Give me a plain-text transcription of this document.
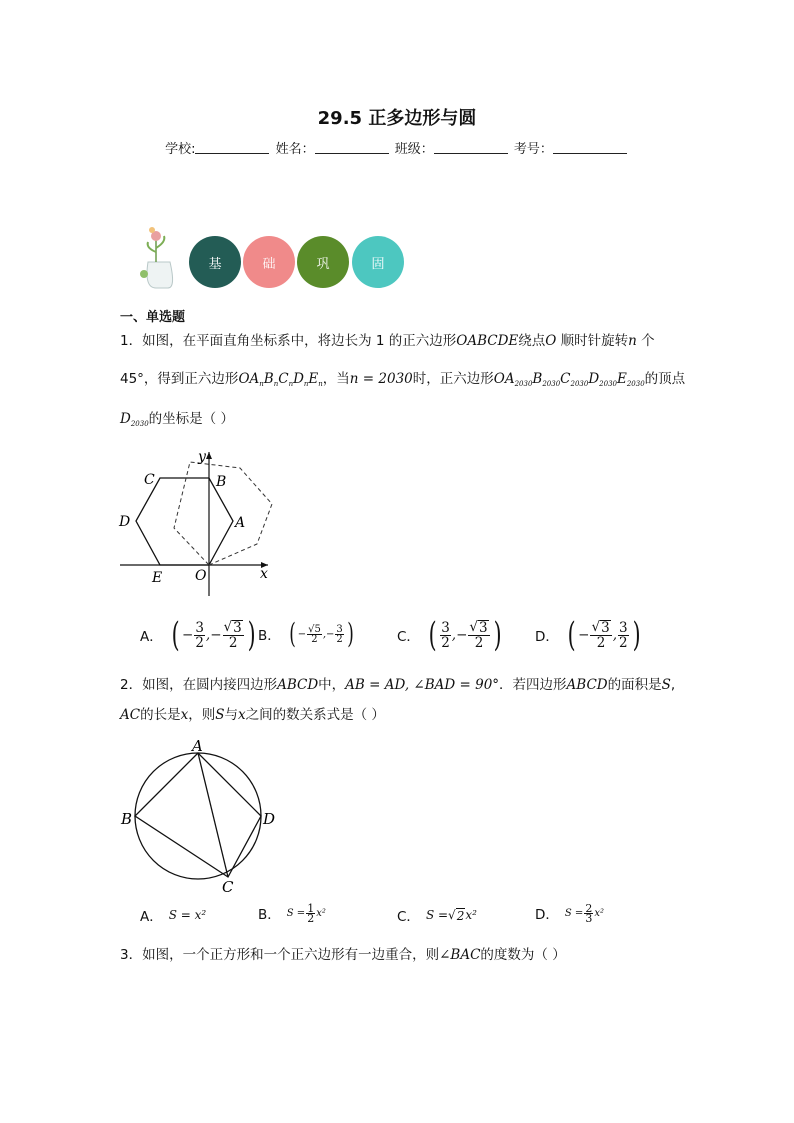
29.5 正多边形与圆
学校:	姓名：	班级：	考号：
基	础	巩	固
一、单选题
1．如图，在平面直角坐标系中，将边长为 1 的正六边形OABCDE绕点O 顺时针旋转n 个
45°，得到正六边形$OA_nB_nC_nD_nE_n$，当n = 2030时，正六边形$OA_{2030}B_{2030}C_{2030}D_{2030}E_{2030}$的顶点
$D_{2030}$的坐标是（ ）
C	B
D	A
E O	x
y
A． ( − $\frac{3}{2}$ ,− $\frac{√ 3}{2}$ ) B． ( − $\frac{√5}{2}$ ,− $\frac{3}{2}$ )	C． ( $\frac{3}{2}$ ,− $\frac{√ 3}{2}$ )	D． ( − $\frac{√ 3}{2}$ , $\frac{3}{2}$ )
2．如图，在圆内接四边形ABCD中，AB = AD, ∠BAD = 90°．若四边形ABCD的面积是S,
AC的长是x，则S与x之间的数关系式是（ ）
A
B
C
D
A． S = x²	B． $S = \frac{1}{2} x^2$	C． S = √ 2 x²	D． $S = \frac{2}{3} x^2$
3．如图，一个正方形和一个正六边形有一边重合，则∠BAC的度数为（ ）
